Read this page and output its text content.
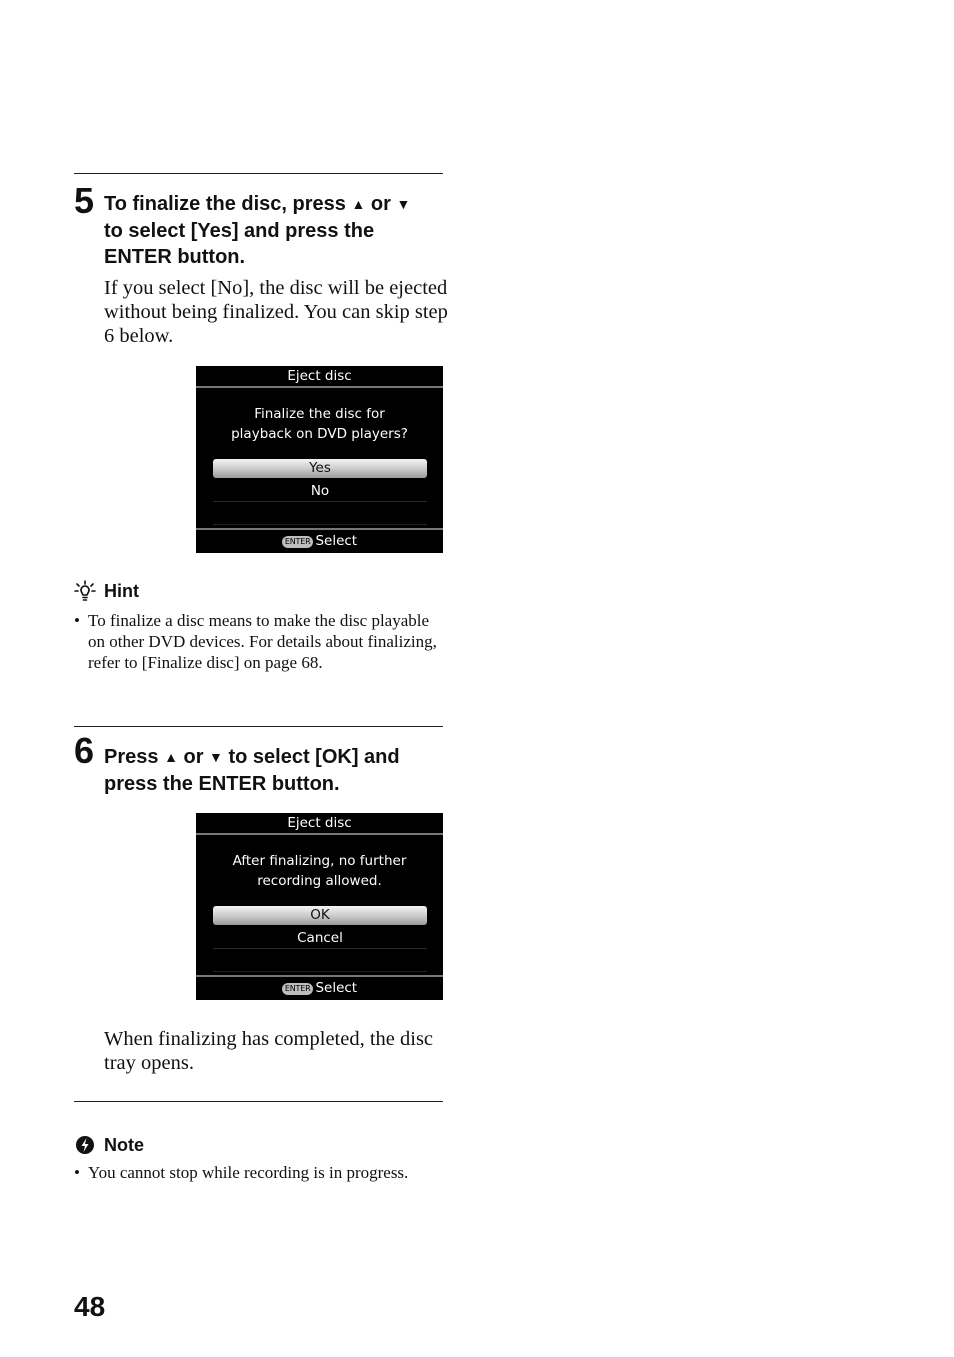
5 To finalize the disc, press ▲ or ▼
to select [Yes] and press the ENTER button.
If you select [No], the disc will be ejected without being finalized. You can skip step 6 below.
Eject disc
Finalize the disc for
playback on DVD players?
Yes
No
ENTER Select
Hint
• To finalize a disc means to make the disc playable on other DVD devices. For details about finalizing, refer to [Finalize disc] on page 68.
6 Press ▲ or ▼ to select [OK] and press the ENTER button.
Eject disc
After finalizing, no further
recording allowed.
OK
Cancel
ENTER Select
When finalizing has completed, the disc tray opens.
Note
• You cannot stop while recording is in progress.
48
